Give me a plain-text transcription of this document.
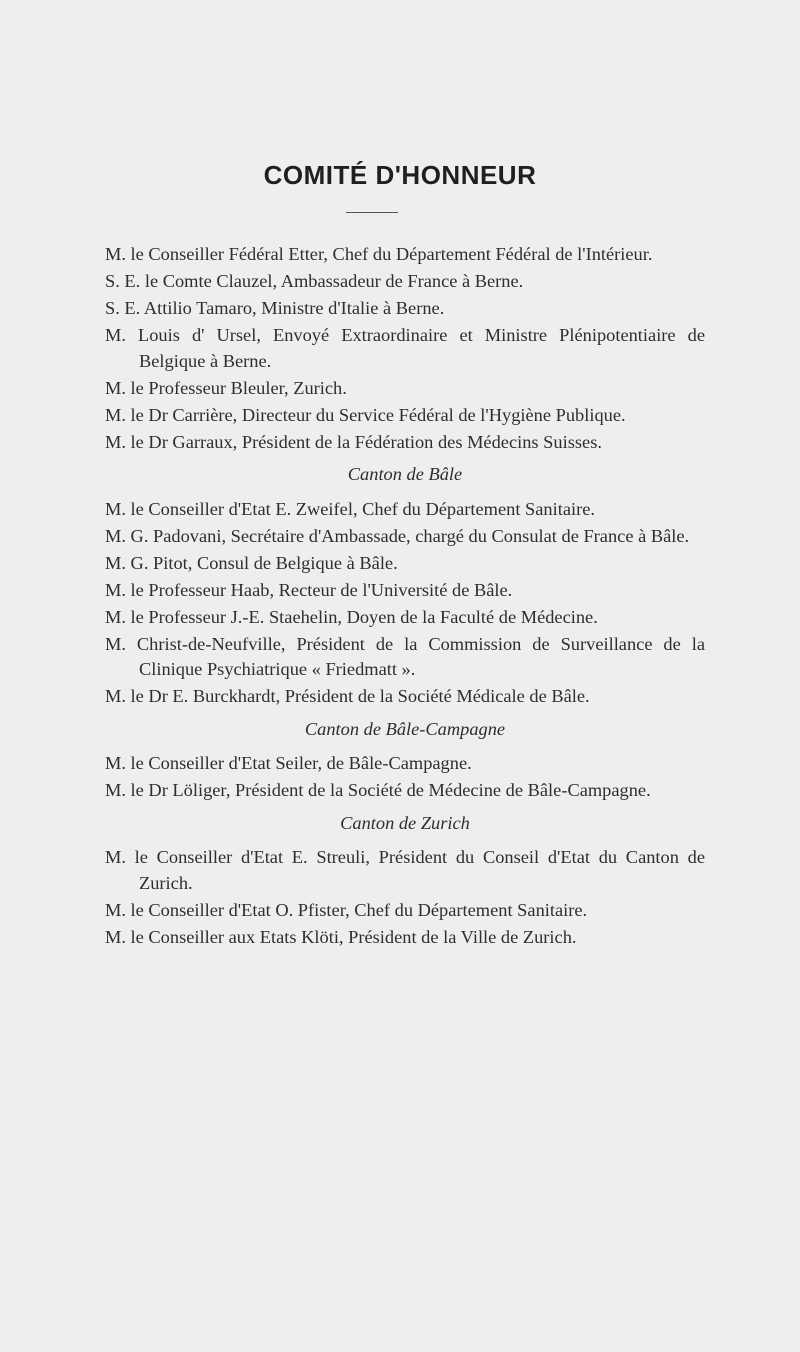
COMITÉ D'HONNEUR

M. le Conseiller Fédéral Etter, Chef du Département Fédéral de l'Intérieur.

S. E. le Comte Clauzel, Ambassadeur de France à Berne.

S. E. Attilio Tamaro, Ministre d'Italie à Berne.

M. Louis d' Ursel, Envoyé Extraordinaire et Ministre Plénipotentiaire de Belgique à Berne.

M. le Professeur Bleuler, Zurich.

M. le Dr Carrière, Directeur du Service Fédéral de l'Hygiène Publique.

M. le Dr Garraux, Président de la Fédération des Médecins Suisses.

Canton de Bâle

M. le Conseiller d'Etat E. Zweifel, Chef du Département Sanitaire.

M. G. Padovani, Secrétaire d'Ambassade, chargé du Consulat de France à Bâle.

M. G. Pitot, Consul de Belgique à Bâle.

M. le Professeur Haab, Recteur de l'Université de Bâle.

M. le Professeur J.-E. Staehelin, Doyen de la Faculté de Médecine.

M. Christ-de-Neufville, Président de la Commission de Surveillance de la Clinique Psychiatrique « Friedmatt ».

M. le Dr E. Burckhardt, Président de la Société Médicale de Bâle.

Canton de Bâle-Campagne

M. le Conseiller d'Etat Seiler, de Bâle-Campagne.

M. le Dr Löliger, Président de la Société de Médecine de Bâle-Campagne.

Canton de Zurich

M. le Conseiller d'Etat E. Streuli, Président du Conseil d'Etat du Canton de Zurich.

M. le Conseiller d'Etat O. Pfister, Chef du Département Sanitaire.

M. le Conseiller aux Etats Klöti, Président de la Ville de Zurich.
